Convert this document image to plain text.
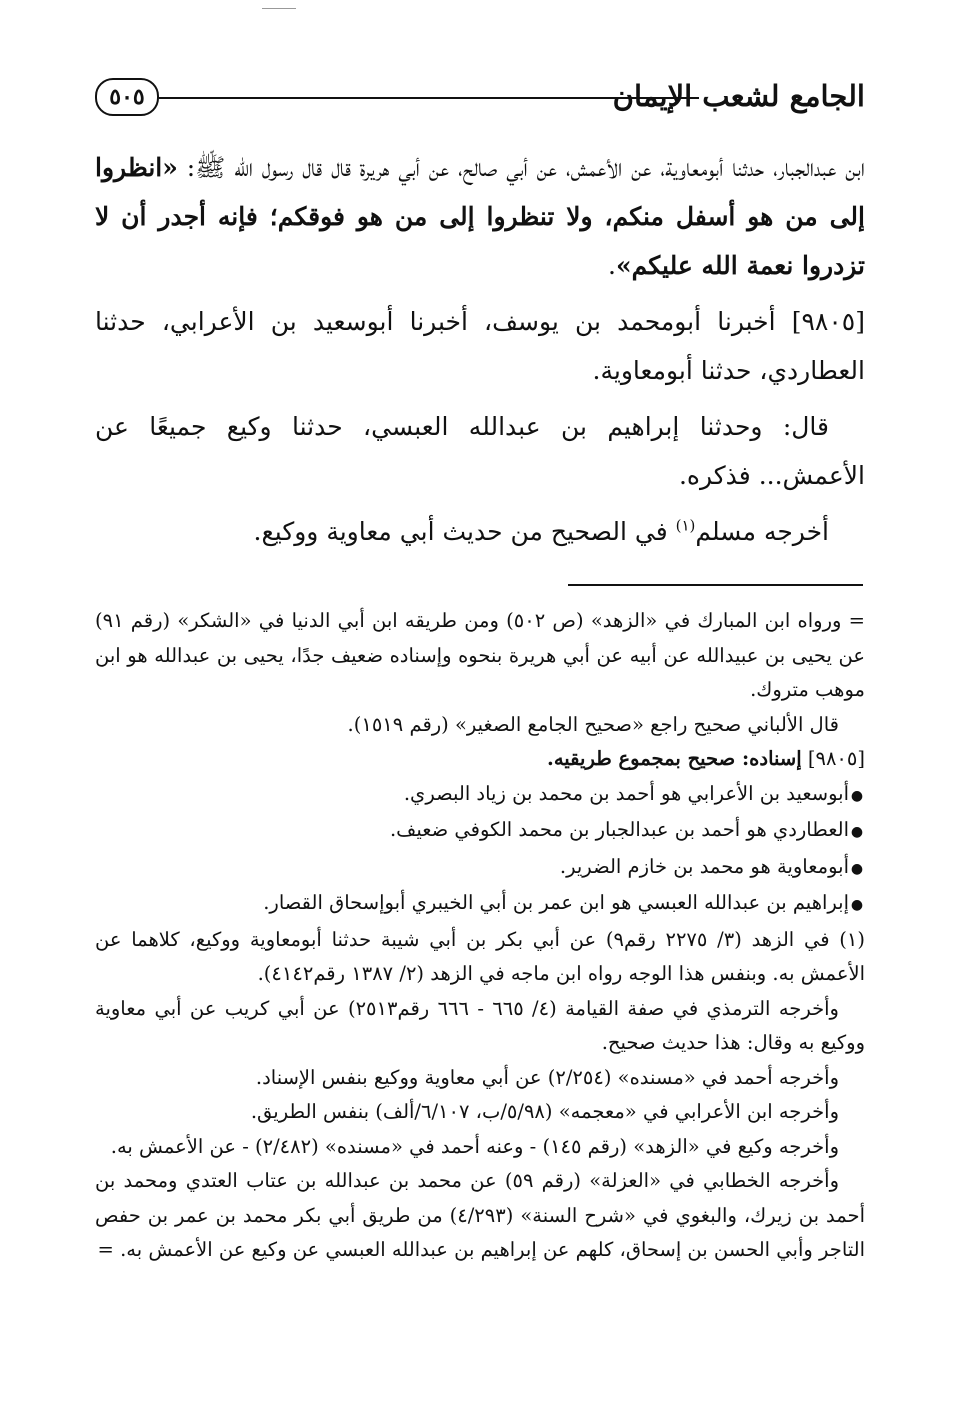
٥٠٥	الجامع لشعب الإيمان

ابن عبدالجبار، حدثنا أبومعاوية، عن الأعمش، عن أبي صالح، عن أبي هريرة قال قال رسول الله ﷺ: «انظروا إلى من هو أسفل منكم، ولا تنظروا إلى من هو فوقكم؛ فإنه أجدر أن لا تزدروا نعمة الله عليكم».

[٩٨٠٥] أخبرنا أبومحمد بن يوسف، أخبرنا أبوسعيد بن الأعرابي، حدثنا العطاردي، حدثنا أبومعاوية.

قال: وحدثنا إبراهيم بن عبدالله العبسي، حدثنا وكيع جميعًا عن الأعمش... فذكره.

أخرجه مسلم$^{(١)}$ في الصحيح من حديث أبي معاوية ووكيع.

= ورواه ابن المبارك في «الزهد» (ص ٥٠٢) ومن طريقه ابن أبي الدنيا في «الشكر» (رقم ٩١) عن يحيى بن عبيدالله عن أبيه عن أبي هريرة بنحوه وإسناده ضعيف جدًا، يحيى بن عبدالله هو ابن موهب متروك.

قال الألباني صحيح راجع «صحيح الجامع الصغير» (رقم ١٥١٩).

[٩٨٠٥] إسناده: صحيح بمجموع طريقيه.

●أبوسعيد بن الأعرابي هو أحمد بن محمد بن زياد البصري.
●العطاردي هو أحمد بن عبدالجبار بن محمد الكوفي ضعيف.
●أبومعاوية هو محمد بن خازم الضرير.
●إبراهيم بن عبدالله العبسي هو ابن عمر بن أبي الخيبري أبوإسحاق القصار.

(١) في الزهد (٣/ ٢٢٧٥ رقم٩) عن أبي بكر بن أبي شيبة حدثنا أبومعاوية ووكيع، كلاهما عن الأعمش به. وبنفس هذا الوجه رواه ابن ماجه في الزهد (٢/ ١٣٨٧ رقم٤١٤٢).

وأخرجه الترمذي في صفة القيامة (٤/ ٦٦٥ - ٦٦٦ رقم٢٥١٣) عن أبي كريب عن أبي معاوية ووكيع به وقال: هذا حديث صحيح.

وأخرجه أحمد في «مسنده» (٢/٢٥٤) عن أبي معاوية ووكيع بنفس الإسناد.

وأخرجه ابن الأعرابي في «معجمه» (٥/٩٨/ب، ٦/١٠٧/ألف) بنفس الطريق.

وأخرجه وكيع في «الزهد» (رقم ١٤٥) - وعنه أحمد في «مسنده» (٢/٤٨٢) - عن الأعمش به.

وأخرجه الخطابي في «العزلة» (رقم ٥٩) عن محمد بن عبدالله بن عتاب العتدي ومحمد بن أحمد بن زيرك، والبغوي في «شرح السنة» (٤/٢٩٣) من طريق أبي بكر محمد بن عمر بن حفص التاجر وأبي الحسن بن إسحاق، كلهم عن إبراهيم بن عبدالله العبسي عن وكيع عن الأعمش به. =
